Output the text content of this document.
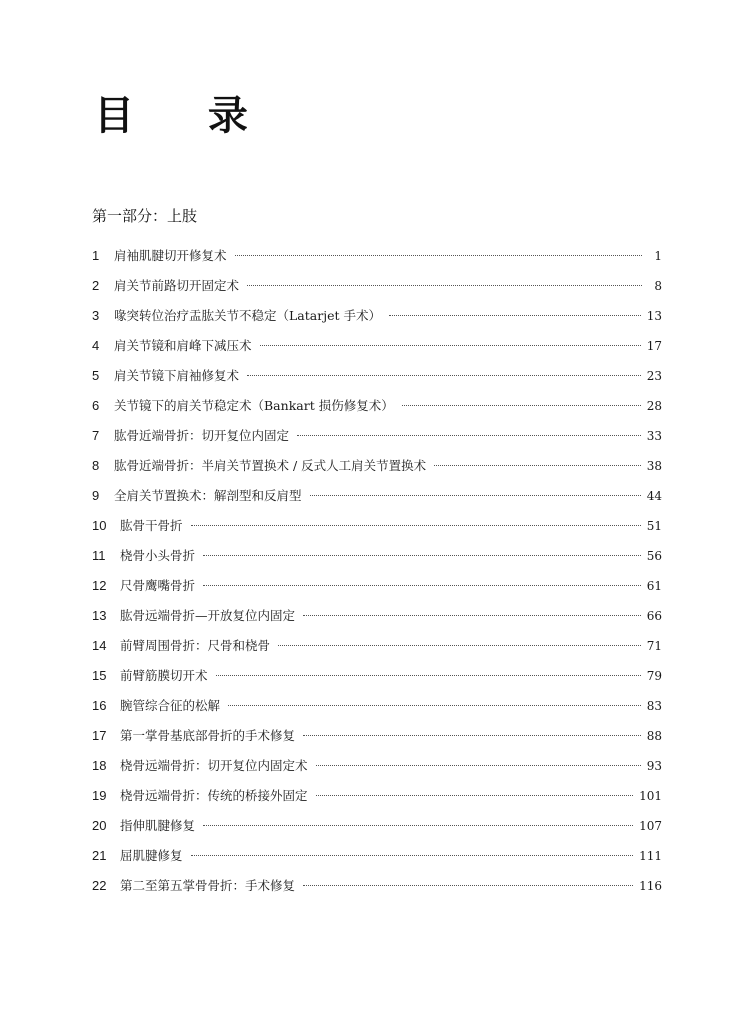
目 录
第一部分：上肢
1	肩袖肌腱切开修复术	1
2	肩关节前路切开固定术	8
3	喙突转位治疗盂肱关节不稳定（Latarjet 手术）	13
4	肩关节镜和肩峰下减压术	17
5	肩关节镜下肩袖修复术	23
6	关节镜下的肩关节稳定术（Bankart 损伤修复术）	28
7	肱骨近端骨折：切开复位内固定	33
8	肱骨近端骨折：半肩关节置换术 / 反式人工肩关节置换术	38
9	全肩关节置换术：解剖型和反肩型	44
10	肱骨干骨折	51
11	桡骨小头骨折	56
12	尺骨鹰嘴骨折	61
13	肱骨远端骨折—开放复位内固定	66
14	前臂周围骨折：尺骨和桡骨	71
15	前臂筋膜切开术	79
16	腕管综合征的松解	83
17	第一掌骨基底部骨折的手术修复	88
18	桡骨远端骨折：切开复位内固定术	93
19	桡骨远端骨折：传统的桥接外固定	101
20	指伸肌腱修复	107
21	屈肌腱修复	111
22	第二至第五掌骨骨折：手术修复	116
